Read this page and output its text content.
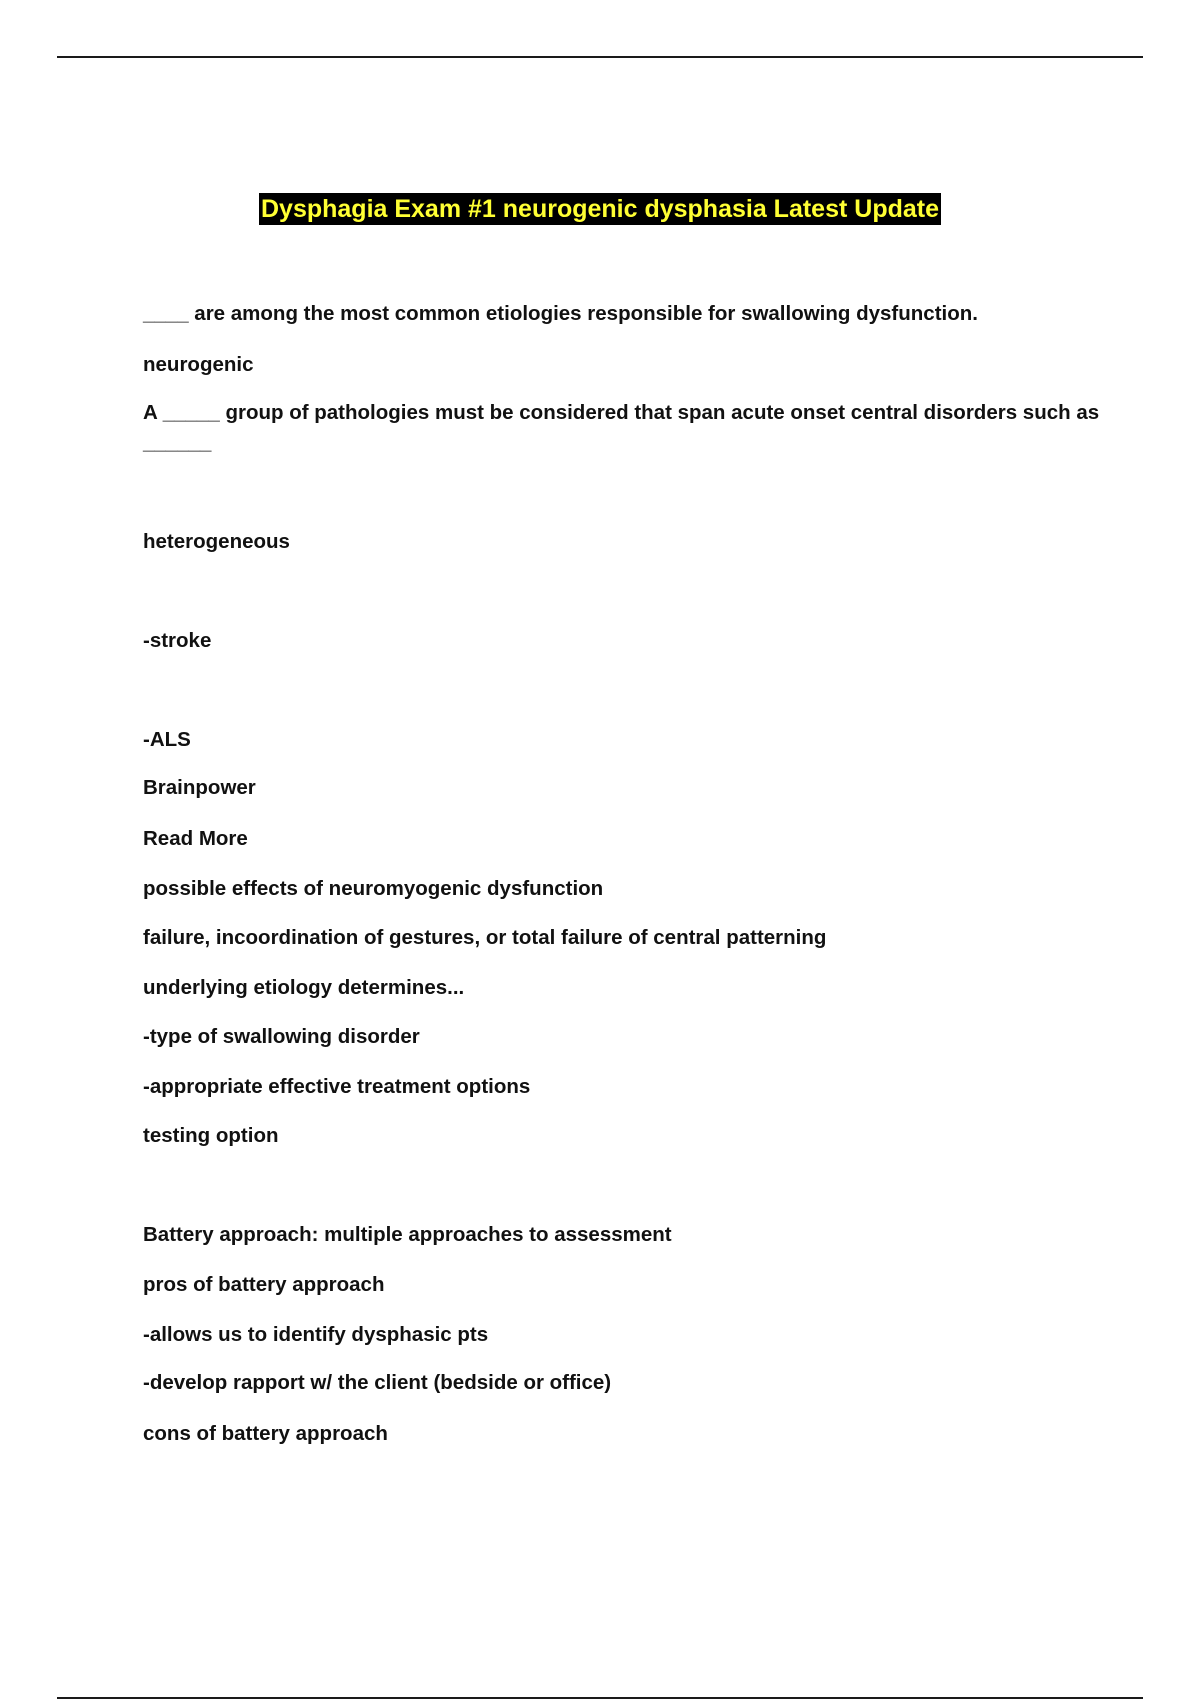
Dysphagia Exam #1 neurogenic dysphasia Latest Update
____ are among the most common etiologies responsible for swallowing dysfunction.
neurogenic
A _____ group of pathologies must be considered that span acute onset central disorders such as ______
heterogeneous
-stroke
-ALS
Brainpower
Read More
possible effects of neuromyogenic dysfunction
failure, incoordination of gestures, or total failure of central patterning
underlying etiology determines...
-type of swallowing disorder
-appropriate effective treatment options
testing option
Battery approach: multiple approaches to assessment
pros of battery approach
-allows us to identify dysphasic pts
-develop rapport w/ the client (bedside or office)
cons of battery approach
